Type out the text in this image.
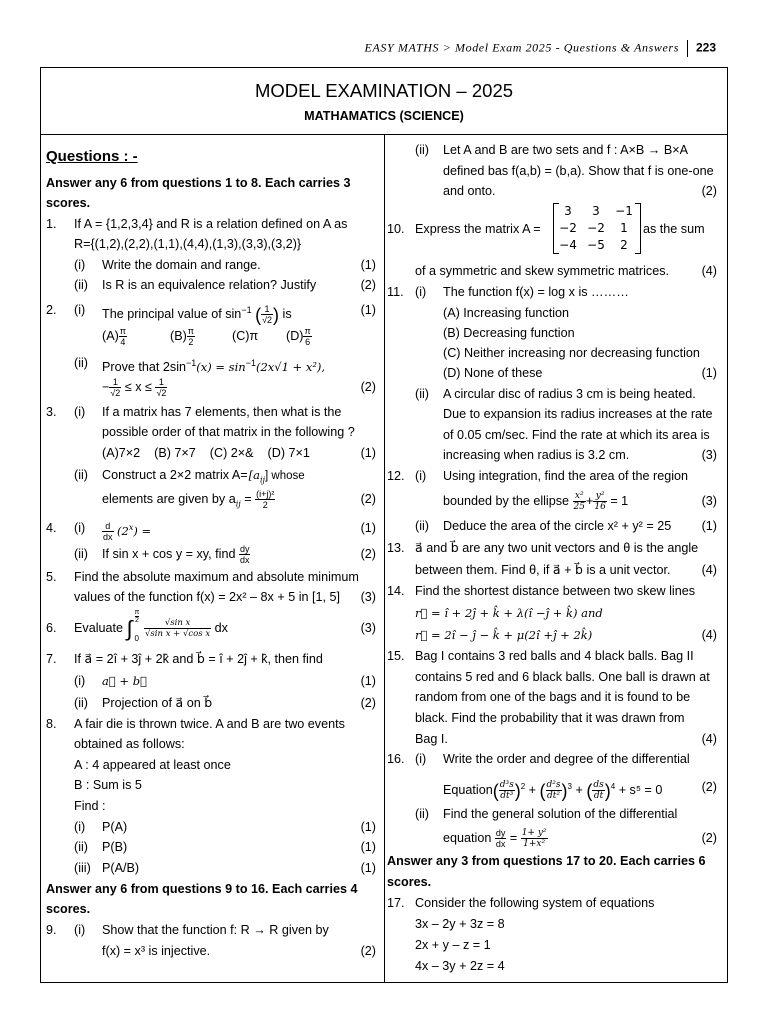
EASY MATHS > Model Exam 2025 - Questions & Answers 223
MODEL EXAMINATION – 2025
MATHAMATICS (SCIENCE)
Questions : -
Answer any 6 from questions 1 to 8. Each carries 3
scores.
1. If A = {1,2,3,4} and R is a relation defined on A as
R={(1,2),(2,2),(1,1),(4,4),(1,3),(3,3),(3,2)}
(i) Write the domain and range.	(1)
(ii) Is R is an equivalence relation? Justify	(2)
2. (i) The principal value of $\sin^{-1}$ ( $\frac{1}{√2}$ ) is	(1)
$(A) \frac{\pi}{4}$	$(B) \frac{\pi}{2}$	(C)π $(D) \frac{\pi}{6}$
(ii) Prove that $2\sin^{-1}(x) = \sin^{-1}(2x√1 + x^2)$,
− $\frac{1}{√2} \le x \le \frac{1}{√2}$	(2)
3. (i) If a matrix has 7 elements, then what is the
possible order of that matrix in the following ?
(A)7×2    (B) 7×7    (C) 2×&    (D) 7×1	(1)
(ii) Construct a 2×2 matrix $A=[a_{ij}]$ whose
elements are given by $a_{ij} = \frac{\text{(i+j)²}}{2}$	(2)
4. $(i) \frac{d}{dx} (2^x)$ =	(1)
(ii) If sin x + cos y = xy, find $\frac{dy}{dx}$	(2)
5. Find the absolute maximum and absolute minimum
values of the function f(x) = 2x² – 8x + 5 in [1, 5] (3)
6. Evaluate ∫
π
2
0
$\frac{\text{√sin x}}{\text{√sin x + √cos x}}$ dx	(3)
7. If a⃗ = 2î + 3ĵ + 2k̂ and b⃗ = î + 2ĵ + k̂, then find
(i) a⃗ + b⃗	(1)
(ii) Projection of a⃗ on b⃗	(2)
8. A fair die is thrown twice. A and B are two events
obtained as follows:
A : 4 appeared at least once
B : Sum is 5
Find :
(i) P(A)	(1)
(ii) P(B)	(1)
(iii) P(A/B)	(1)
Answer any 6 from questions 9 to 16. Each carries 4
scores.
9. (i) Show that the function f: R → R given by
f(x) = x³ is injective.	(2)
(ii) Let A and B are two sets and f : A×B → B×A
defined bas f(a,b) = (b,a). Show that f is one-one
and onto.	(2)
10. Express the matrix A =	as the sum
3	3	−1
−2 −2	1
−4 −5	2
of a symmetric and skew symmetric matrices.	(4)
11. (i) The function f(x) = log x is ………
(A) Increasing function
(B) Decreasing function
(C) Neither increasing nor decreasing function
(D) None of these	(1)
(ii) A circular disc of radius 3 cm is being heated.
Due to expansion its radius increases at the rate
of 0.05 cm/sec. Find the rate at which its area is
increasing when radius is 3.2 cm.	(3)
12. (i) Using integration, find the area of the region
bounded by the ellipse $\frac{\text{x²}}{25} + \frac{\text{y²}}{16} = 1$	(3)
(ii) Deduce the area of the circle x² + y² = 25 (1)
13. a⃗ and b⃗ are any two unit vectors and θ is the angle
between them. Find θ, if a⃗ + b⃗ is a unit vector. (4)
14. Find the shortest distance between two skew lines
r⃗ = î + 2ĵ + k̂ + λ(î −ĵ + k̂) and
r⃗ = 2î − ĵ − k̂ + μ(2î +ĵ + 2k̂)	(4)
15. Bag I contains 3 red balls and 4 black balls. Bag II
contains 5 red and 6 black balls. One ball is drawn at
random from one of the bags and it is found to be
black. Find the probability that it was drawn from
Bag I.	(4)
16. (i) Write the order and degree of the differential
Equation( $\frac{\text{d³s}}{\text{dt³}} )^2$ + ( $\frac{\text{d²s}}{\text{dt²}} )^3$ + ( $\frac{ds}{dt} )^4 + s^5 = 0$	(2)
(ii) Find the general solution of the differential
equation $\frac{dy}{dx} = \frac{\text{1+ y²}}{\text{1+x²}}$	(2)
Answer any 3 from questions 17 to 20. Each carries 6
scores.
17. Consider the following system of equations
3x – 2y + 3z = 8
2x + y – z = 1
4x – 3y + 2z = 4
